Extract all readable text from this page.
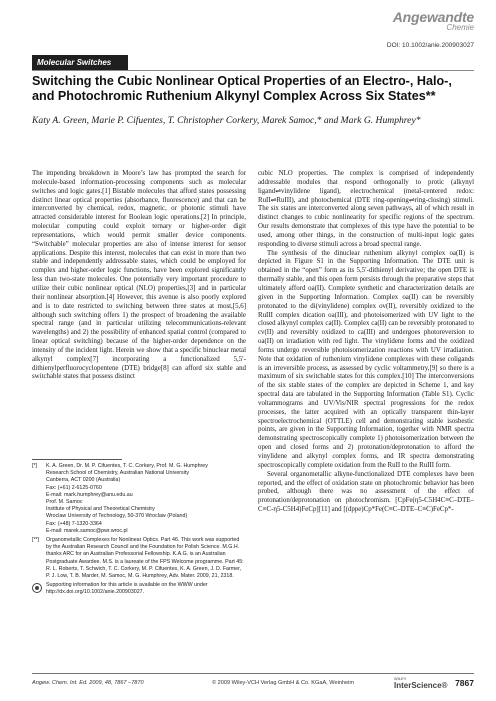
Angewandte
Chemie
DOI: 10.1002/anie.200903027
Molecular Switches
Switching the Cubic Nonlinear Optical Properties of an Electro-, Halo-, and Photochromic Ruthenium Alkynyl Complex Across Six States**
Katy A. Green, Marie P. Cifuentes, T. Christopher Corkery, Marek Samoc,* and Mark G. Humphrey*

The impending breakdown in Moore’s law has prompted the search for molecule-based information-processing components such as molecular switches and logic gates.[1] Bistable molecules that afford states possessing distinct linear optical properties (absorbance, fluorescence) and that can be interconverted by chemical, redox, magnetic, or photonic stimuli have attracted considerable interest for Boolean logic operations.[2] In principle, molecular computing could exploit ternary or higher-order digit representations, which would permit smaller device components. “Switchable” molecular properties are also of intense interest for sensor applications. Despite this interest, molecules that can exist in more than two stable and independently addressable states, which could be employed for complex and higher-order logic functions, have been explored significantly less than two-state molecules. One potentially very important procedure to utilize their cubic nonlinear optical (NLO) properties,[3] and in particular their nonlinear absorption.[4] However, this avenue is also poorly explored and is to date restricted to switching between three states at most,[5,6] although such switching offers 1) the prospect of broadening the available spectral range (and in particular utilizing telecommunications-relevant wavelengths) and 2) the possibility of enhanced spatial control (compared to linear optical switching) because of the higher-order dependence on the intensity of the incident light. Herein we show that a specific binuclear metal alkynyl complex[7] incorporating a functionalized 5,5′-dithienylperfluorocyclopentene (DTE) bridge[8] can afford six stable and switchable states that possess distinct

cubic NLO properties. The complex is comprised of independently addressable modules that respond orthogonally to protic (alkynyl ligand⇌vinylidene ligand), electrochemical (metal-centered redox: RuII⇌RuIII), and photochemical (DTE ring-opening⇌ring-closing) stimuli. The six states are interconverted along seven pathways, all of which result in distinct changes to cubic nonlinearity for specific regions of the spectrum. Our results demonstrate that complexes of this type have the potential to be used, among other things, in the construction of multi-input logic gates responding to diverse stimuli across a broad spectral range.

The synthesis of the dinuclear ruthenium alkynyl complex oa(II) is depicted in Figure S1 in the Supporting Information. The DTE unit is obtained in the “open” form as its 5,5′-dithienyl derivative; the open DTE is thermally stable, and this open form persists through the preparative steps that ultimately afford oa(II). Complete synthetic and characterization details are given in the Supporting Information. Complex oa(II) can be reversibly protonated to the di(vinylidene) complex ov(II), reversibly oxidized to the RuIII complex dication oa(III), and photoisomerized with UV light to the closed alkynyl complex ca(II). Complex ca(II) can be reversibly protonated to cv(II) and reversibly oxidized to ca(III) and undergoes photoreversion to oa(II) on irradiation with red light. The vinylidene forms and the oxidized forms undergo reversible photoisomerization reactions with UV irradiation. Note that oxidation of ruthenium vinylidene complexes with these coligands is an irreversible process, as assessed by cyclic voltammetry,[9] so there is a maximum of six switchable states for this complex.[10] The interconversions of the six stable states of the complex are depicted in Scheme 1, and key spectral data are tabulated in the Supporting Information (Table S1). Cyclic voltammograms and UV/Vis/NIR spectral progressions for the redox processes, the latter acquired with an optically transparent thin-layer spectroelectrochemical (OTTLE) cell and demonstrating stable isosbestic points, are given in the Supporting Information, together with NMR spectra demonstrating spectroscopically complete 1) photoisomerization between the open and closed forms and 2) protonation/deprotonation to afford the vinylidene and alkynyl complex forms, and IR spectra demonstrating spectroscopically complete oxidation from the RuII to the RuIII form.

Several organometallic alkyne-functionalized DTE complexes have been reported, and the effect of oxidation state on photochromic behavior has been probed, although there was no assessment of the effect of protonation/deprotonation on photochromism. [CpFe(η5-C5H4C≡C–DTE–C≡C-η5-C5H4)FeCp][11] and [(dppe)Cp*Fe(C≡C–DTE–C≡C)FeCp*-

[*]	K. A. Green, Dr. M. P. Cifuentes, T. C. Corkery, Prof. M. G. Humphrey
Research School of Chemistry, Australian National University
Canberra, ACT 0200 (Australia)
Fax: (+61) 2-6125-0760
E-mail: mark.humphrey@anu.edu.au
Prof. M. Samoc
Institute of Physical and Theoretical Chemistry
Wroclaw University of Technology, 50-370 Wroclaw (Poland)
Fax: (+48) 7-1320-3364
E-mail: marek.samoc@pwr.wroc.pl
[**]	Organometallic Complexes for Nonlinear Optics. Part 46. This work was supported by the Australian Research Council and the Foundation for Polish Science. M.G.H. thanks ARC for an Australian Professorial Fellowship. K.A.G. is an Australian Postgraduate Awardee. M.S. is a laureate of the FPS Welcome programme. Part 45: R. L. Roberts, T. Schwich, T. C. Corkery, M. P. Cifuentes, K. A. Green, J. D. Farmer, P. J. Low, T. B. Marder, M. Samoc, M. G. Humphrey, Adv. Mater. 2009, 21, 2318.
Supporting information for this article is available on the WWW under http://dx.doi.org/10.1002/anie.200903027.
Angew. Chem. Int. Ed. 2009, 48, 7867 –7870	© 2009 Wiley-VCH Verlag GmbH & Co. KGaA, Weinheim
WILEY
InterScience® 7867
